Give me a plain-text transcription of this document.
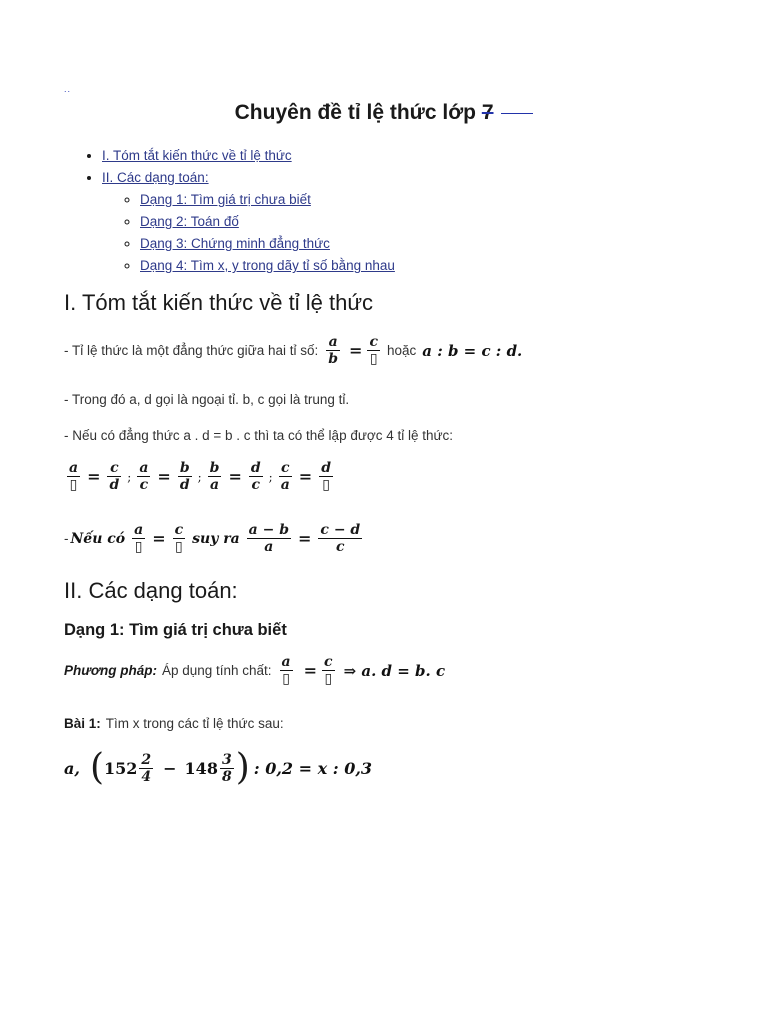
..
Chuyên đề tỉ lệ thức lớp 7
• I. Tóm tắt kiến thức về tỉ lệ thức
• II. Các dạng toán:
◦ Dạng 1: Tìm giá trị chưa biết
◦ Dạng 2: Toán đố
◦ Dạng 3: Chứng minh đẳng thức
◦ Dạng 4: Tìm x, y trong dãy tỉ số bằng nhau
I. Tóm tắt kiến thức về tỉ lệ thức
- Tỉ lệ thức là một đẳng thức giữa hai tỉ số: $\frac{a}{b} = \frac{c}{▯}$ hoặc a : b = c : d.
- Trong đó a, d gọi là ngoại tỉ. b, c gọi là trung tỉ.
- Nếu có đẳng thức a . d = b . c thì ta có thể lập được 4 tỉ lệ thức:
$\frac{a}{▯} = \frac{c}{d}$ ; $\frac{a}{c} = \frac{b}{d}$ ; $\frac{b}{a} = \frac{d}{c}$ ; $\frac{c}{a} = \frac{d}{▯}$
- Nếu có $\frac{a}{▯} = \frac{c}{▯}$ suy ra $\frac{a - b}{a} = \frac{c - d}{c}$
II. Các dạng toán:
Dạng 1: Tìm giá trị chưa biết
Phương pháp: Áp dụng tính chất: $\frac{a}{▯} = \frac{c}{▯}$ ⇒ a. d = b. c
Bài 1: Tìm x trong các tỉ lệ thức sau:
a, ( $152 \frac{2}{4} - 148 \frac{3}{8}$ ) : 0,2 = x : 0,3
